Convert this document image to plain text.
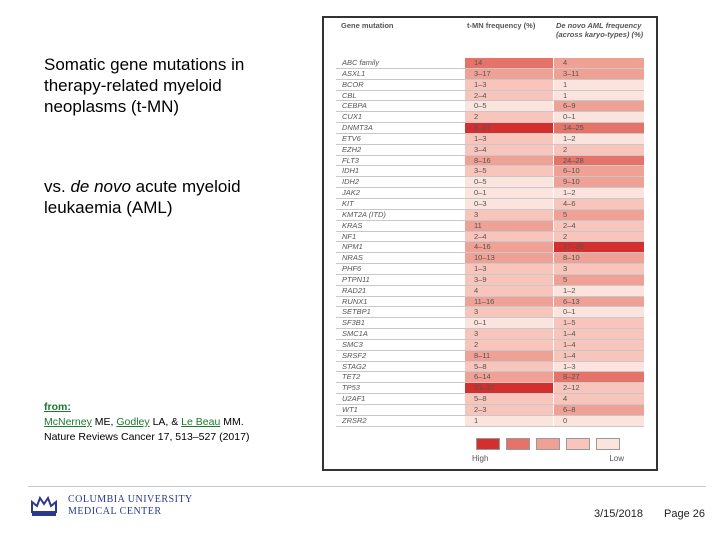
Somatic gene mutations in therapy-related myeloid neoplasms (t-MN)
vs. de novo acute myeloid leukaemia (AML)
from:
McNerney ME, Godley LA, & Le Beau MM.
Nature Reviews Cancer 17, 513–527 (2017)
Gene mutation	t-MN frequency (%)	De novo AML frequency (across karyo-types) (%)
ABC family	14	4
ASXL1	3–17	3–11
BCOR	1–3	1
CBL	2–4	1
CEBPA	0–5	6–9
CUX1	2	0–1
DNMT3A	8–27	14–25
ETV6	1–3	1–2
EZH2	3–4	2
FLT3	8–16	24–28
IDH1	3–5	6–10
IDH2	0–5	9–10
JAK2	0–1	1–2
KIT	0–3	4–6
KMT2A (ITD)	3	5
KRAS	11	2–4
NF1	2–4	2
NPM1	4–16	27–35
NRAS	10–13	8–10
PHF6	1–3	3
PTPN11	3–9	5
RAD21	4	1–2
RUNX1	11–16	6–13
SETBP1	3	0–1
SF3B1	0–1	1–5
SMC1A	3	1–4
SMC3	2	1–4
SRSF2	8–11	1–4
STAG2	5–8	1–3
TET2	6–14	8–27
TP53	23–37	2–12
U2AF1	5–8	4
WT1	2–3	6–8
ZRSR2	1	0
High	Low
COLUMBIA UNIVERSITY
MEDICAL CENTER	3/15/2018 Page 26
